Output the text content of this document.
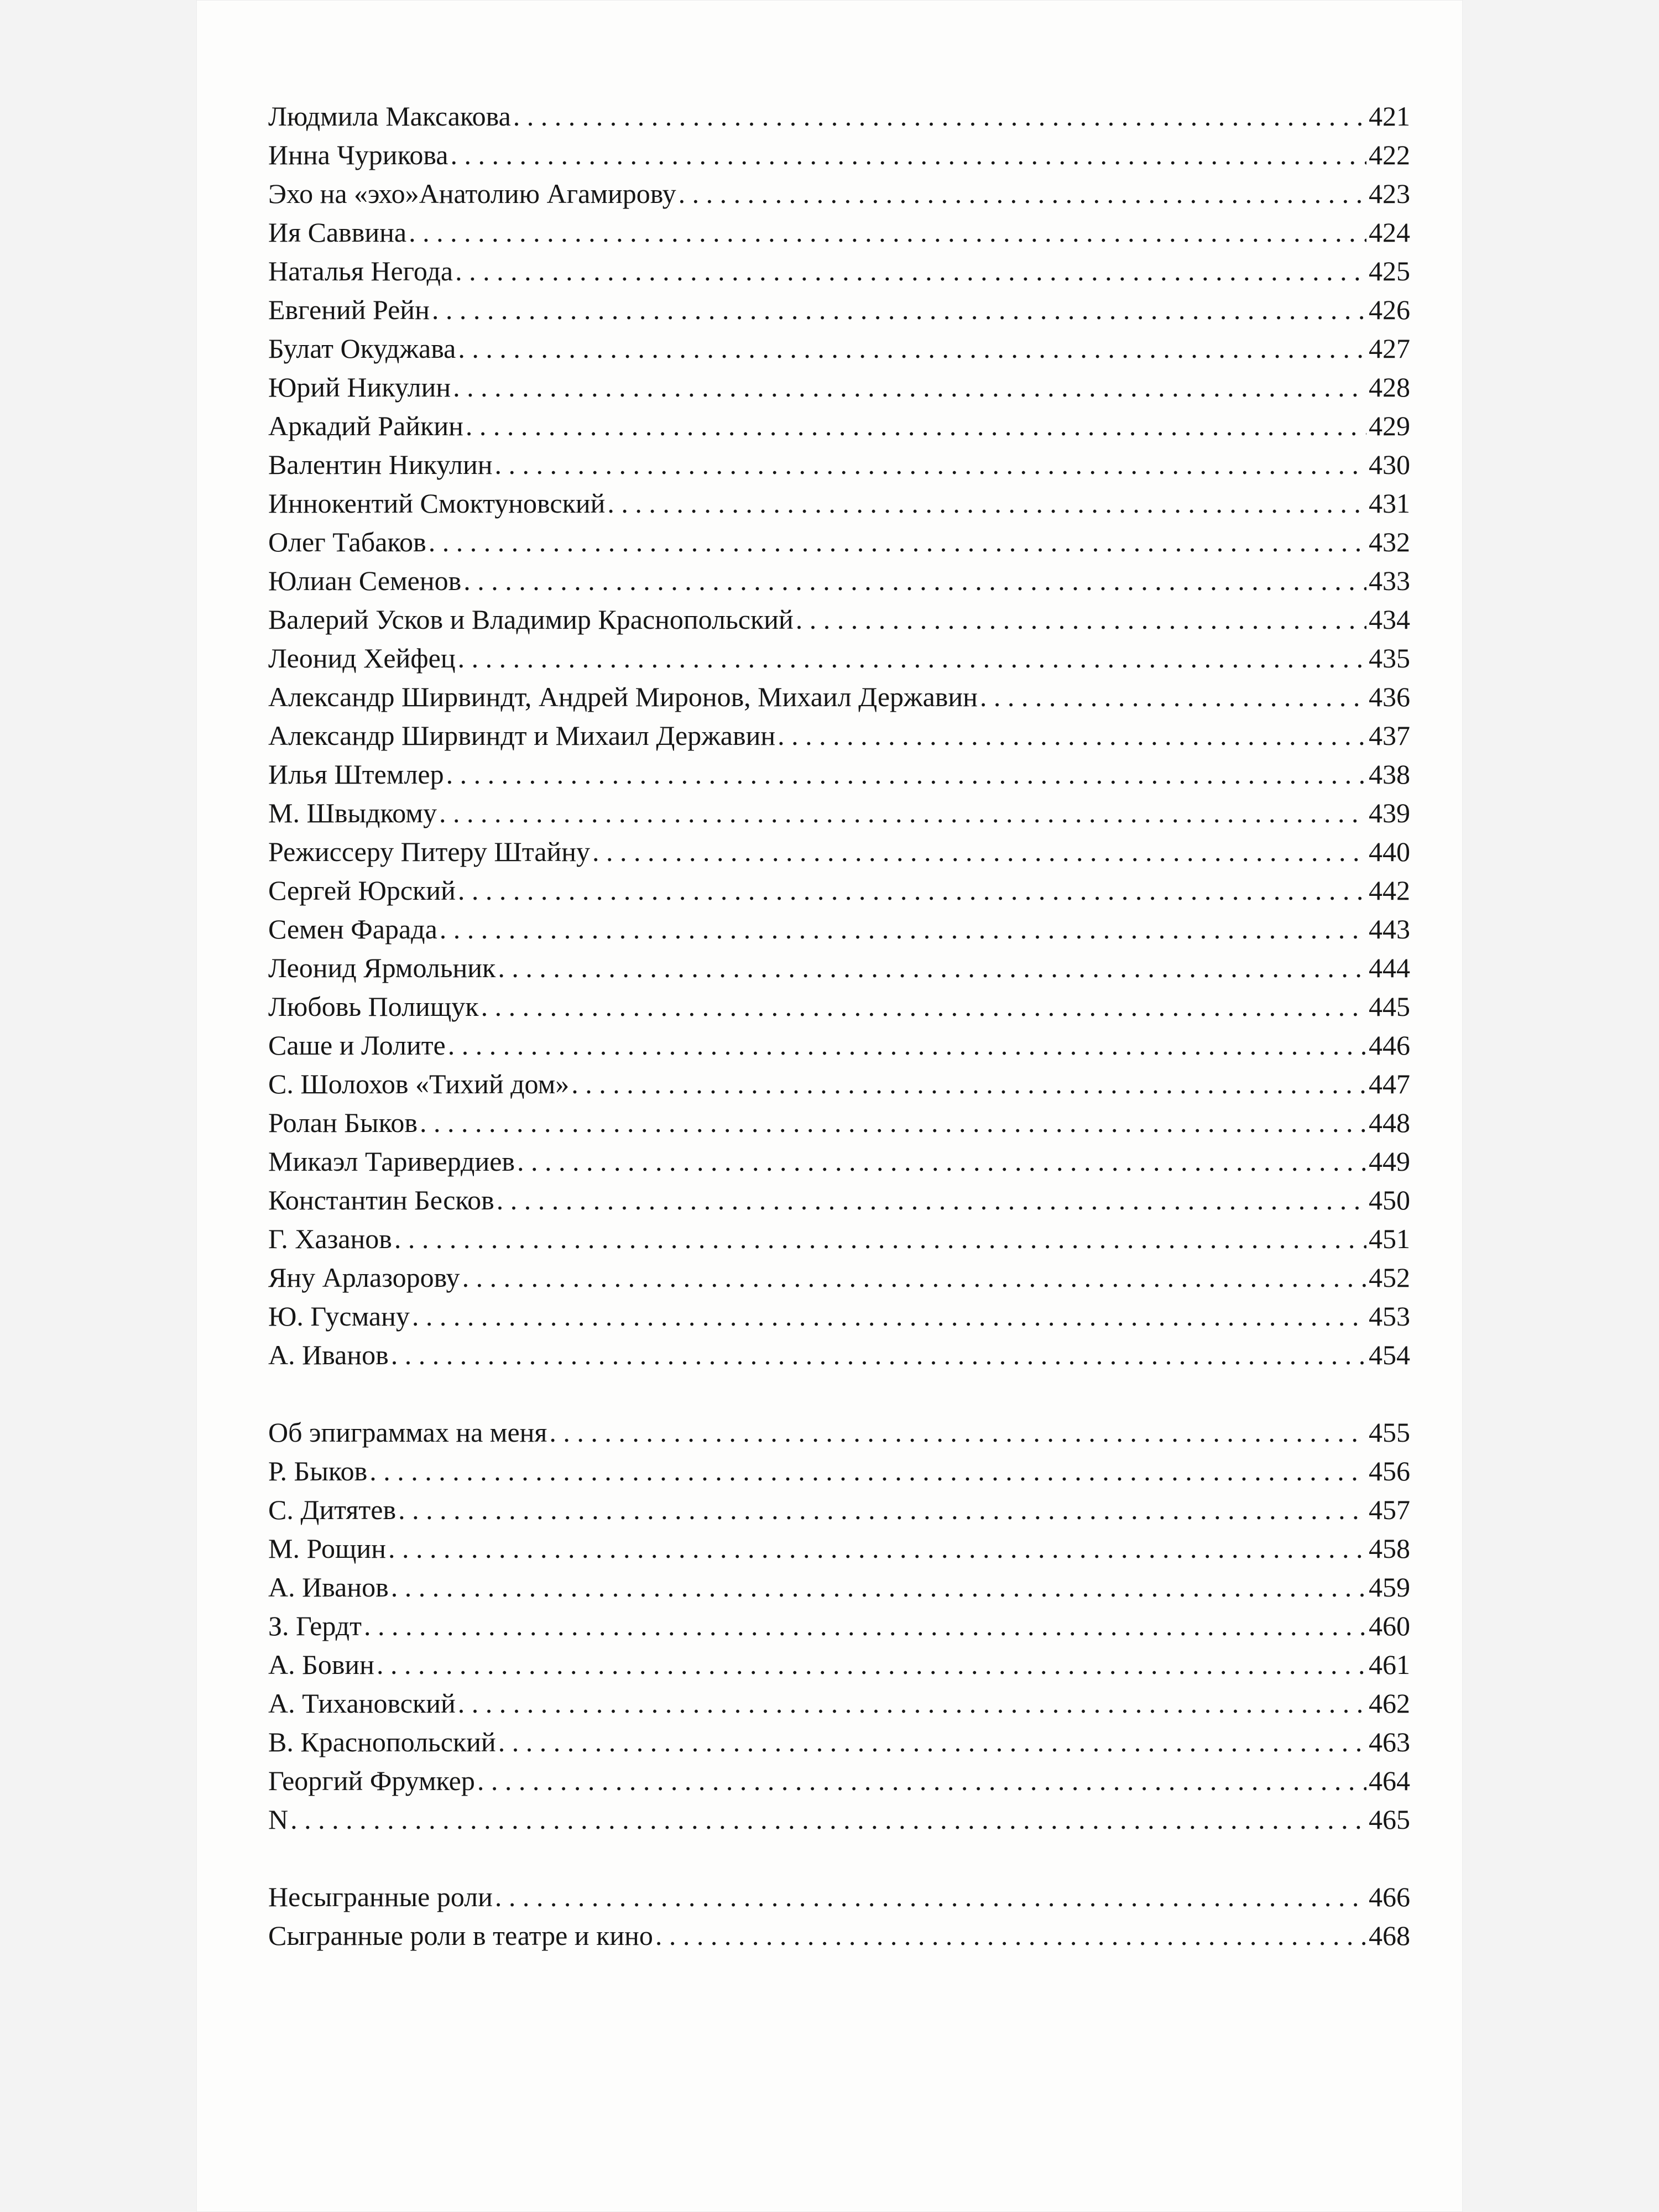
Людмила Максакова . . .	421
Инна Чурикова . . .	422
Эхо на «эхо»Анатолию Агамирову . . .	423
Ия Саввина . . .	424
Наталья Негода . . .	425
Евгений Рейн . . .	426
Булат Окуджава . . .	427
Юрий Никулин . . .	428
Аркадий Райкин . . .	429
Валентин Никулин . . .	430
Иннокентий Смоктуновский . . .	431
Олег Табаков . . .	432
Юлиан Семенов . . .	433
Валерий Усков и Владимир Краснопольский . . .	434
Леонид Хейфец . . .	435
Александр Ширвиндт, Андрей Миронов, Михаил Державин . . .	436
Александр Ширвиндт и Михаил Державин . . .	437
Илья Штемлер . . .	438
М. Швыдкому . . .	439
Режиссеру Питеру Штайну . . .	440
Сергей Юрский . . .	442
Семен Фарада . . .	443
Леонид Ярмольник . . .	444
Любовь Полищук . . .	445
Саше и Лолите . . .	446
С. Шолохов «Тихий дом» . . .	447
Ролан Быков . . .	448
Микаэл Таривердиев . . .	449
Константин Бесков . . .	450
Г. Хазанов . . .	451
Яну Арлазорову . . .	452
Ю. Гусману . . .	453
А. Иванов . . .	454
Об эпиграммах на меня . . .	455
Р. Быков . . .	456
С. Дитятев . . .	457
М. Рощин . . .	458
А. Иванов . . .	459
З. Гердт . . .	460
А. Бовин . . .	461
А. Тихановский . . .	462
В. Краснопольский . . .	463
Георгий Фрумкер . . .	464
N . . .	465
Несыгранные роли . . .	466
Сыгранные роли в театре и кино . . .	468
